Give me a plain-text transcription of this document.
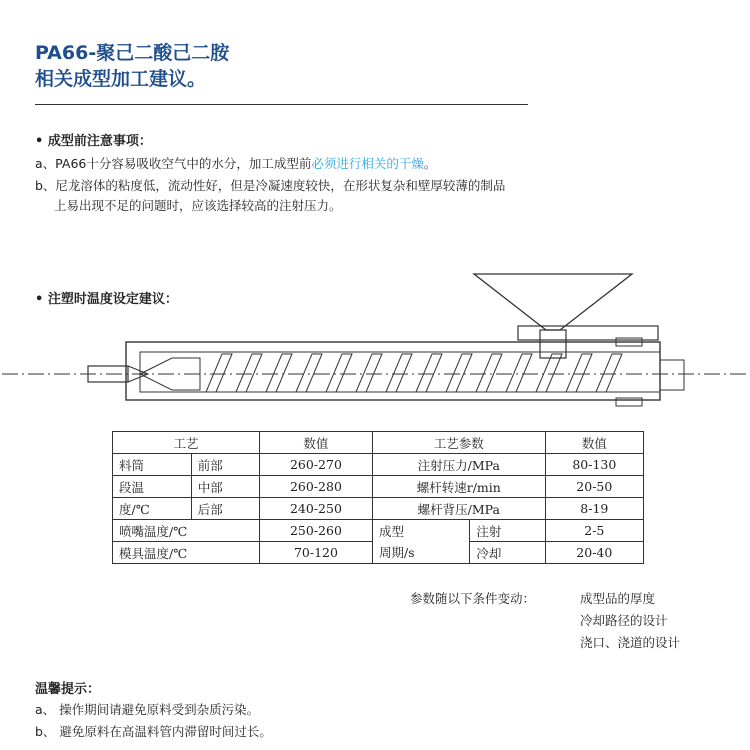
PA66-聚己二酸己二胺
相关成型加工建议。
• 成型前注意事项：
a、PA66十分容易吸收空气中的水分，加工成型前必须进行相关的干燥。
b、尼龙溶体的粘度低，流动性好，但是冷凝速度较快，在形状复杂和壁厚较薄的制品
上易出现不足的问题时，应该选择较高的注射压力。
• 注塑时温度设定建议：
工艺		数值	工艺参数		数值
料筒	前部	260-270	注射压力/MPa		80-130
段温	中部	260-280	螺杆转速r/min		20-50
度/℃	后部	240-250	螺杆背压/MPa		8-19
喷嘴温度/℃		250-260	成型	注射	2-5
模具温度/℃		70-120	周期/s	冷却	20-40
参数随以下条件变动：	成型品的厚度
冷却路径的设计
浇口、浇道的设计
温馨提示：
a、 操作期间请避免原料受到杂质污染。
b、 避免原料在高温料管内滞留时间过长。
